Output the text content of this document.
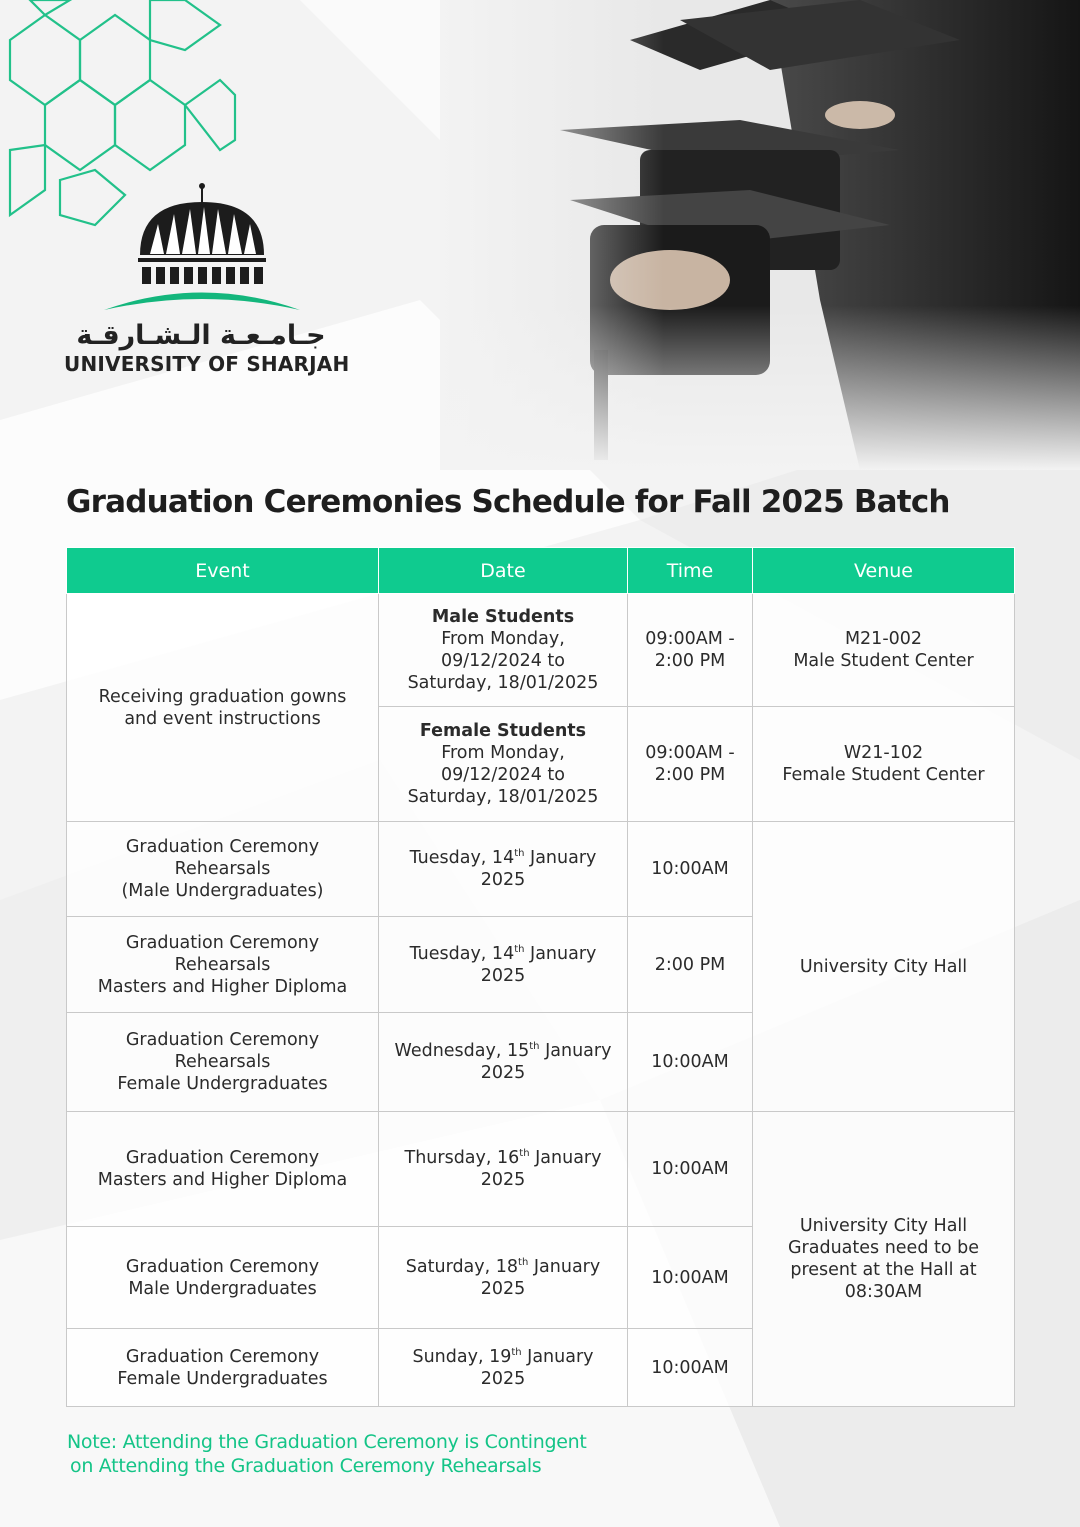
جـامـعـة الـشـارقـة
UNIVERSITY OF SHARJAH
Graduation Ceremonies Schedule for Fall 2025 Batch
Event	Date	Time	Venue
Receiving graduation gowns
and event instructions	Male Students
From Monday,
09/12/2024 to
Saturday, 18/01/2025	09:00AM -
2:00 PM	M21-002
Male Student Center
	Female Students
From Monday,
09/12/2024 to
Saturday, 18/01/2025	09:00AM -
2:00 PM	W21-102
Female Student Center
Graduation Ceremony
Rehearsals
(Male Undergraduates)	Tuesday, 14th January
2025	10:00AM	University City Hall
Graduation Ceremony
Rehearsals
Masters and Higher Diploma	Tuesday, 14th January
2025	2:00 PM	
Graduation Ceremony
Rehearsals
Female Undergraduates	Wednesday, 15th January
2025	10:00AM	
Graduation Ceremony
Masters and Higher Diploma	Thursday, 16th January
2025	10:00AM	University City Hall
Graduates need to be
present at the Hall at
08:30AM
Graduation Ceremony
Male Undergraduates	Saturday, 18th January
2025	10:00AM	
Graduation Ceremony
Female Undergraduates	Sunday, 19th January
2025	10:00AM	
Note: Attending the Graduation Ceremony is Contingent
on Attending the Graduation Ceremony Rehearsals
